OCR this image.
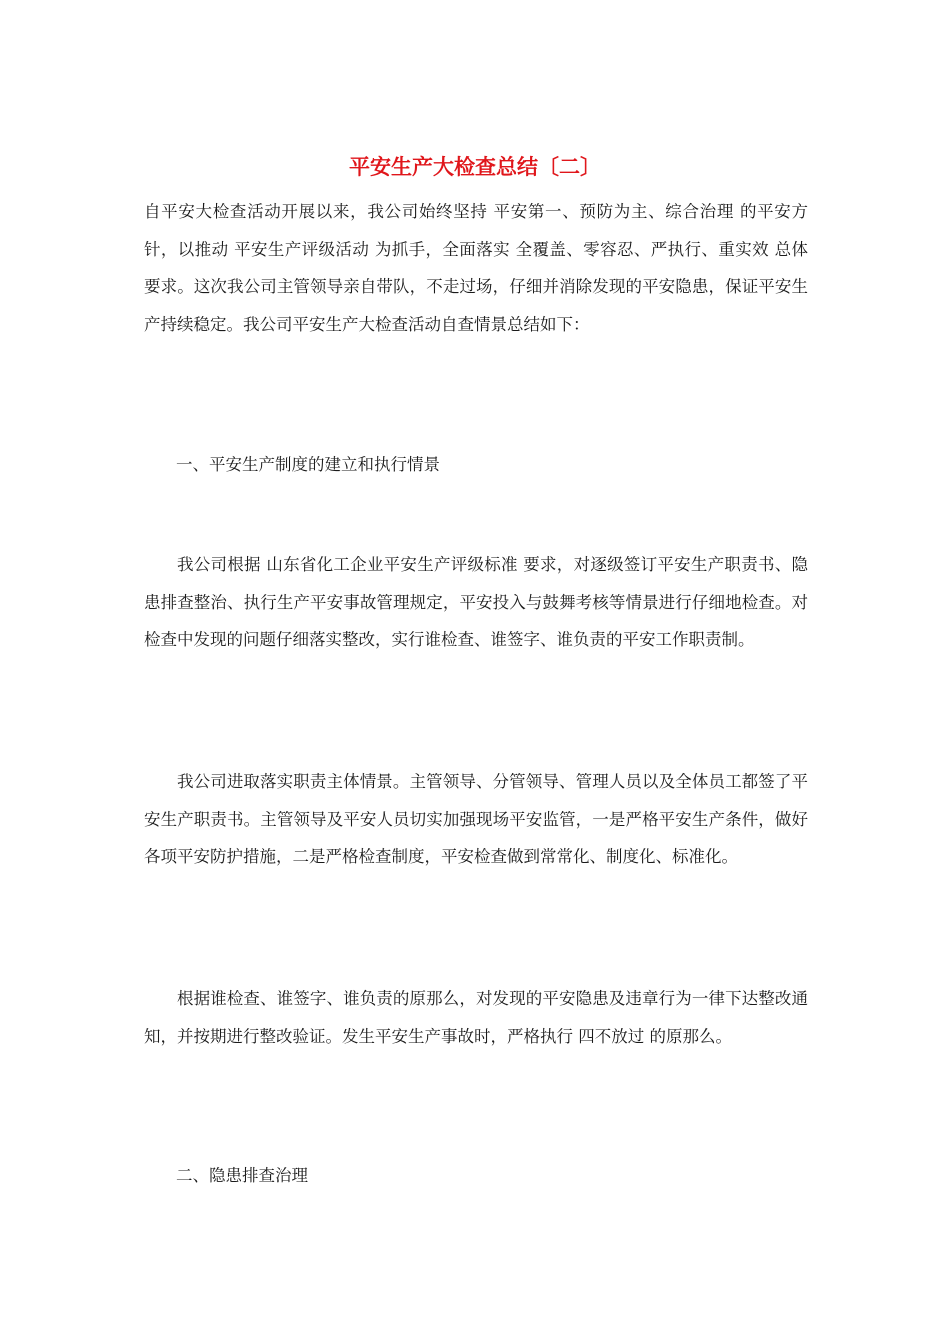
平安生产大检查总结〔二〕

自平安大检查活动开展以来，我公司始终坚持 平安第一、预防为主、综合治理 的平安方针，以推动 平安生产评级活动 为抓手，全面落实 全覆盖、零容忍、严执行、重实效 总体要求。这次我公司主管领导亲自带队，不走过场，仔细并消除发现的平安隐患，保证平安生产持续稳定。我公司平安生产大检查活动自查情景总结如下：

一、平安生产制度的建立和执行情景

我公司根据 山东省化工企业平安生产评级标准 要求，对逐级签订平安生产职责书、隐患排查整治、执行生产平安事故管理规定，平安投入与鼓舞考核等情景进行仔细地检查。对检查中发现的问题仔细落实整改，实行谁检查、谁签字、谁负责的平安工作职责制。

我公司进取落实职责主体情景。主管领导、分管领导、管理人员以及全体员工都签了平安生产职责书。主管领导及平安人员切实加强现场平安监管，一是严格平安生产条件，做好各项平安防护措施，二是严格检查制度，平安检查做到常常化、制度化、标准化。

根据谁检查、谁签字、谁负责的原那么，对发现的平安隐患及违章行为一律下达整改通知，并按期进行整改验证。发生平安生产事故时，严格执行 四不放过 的原那么。

二、隐患排查治理
